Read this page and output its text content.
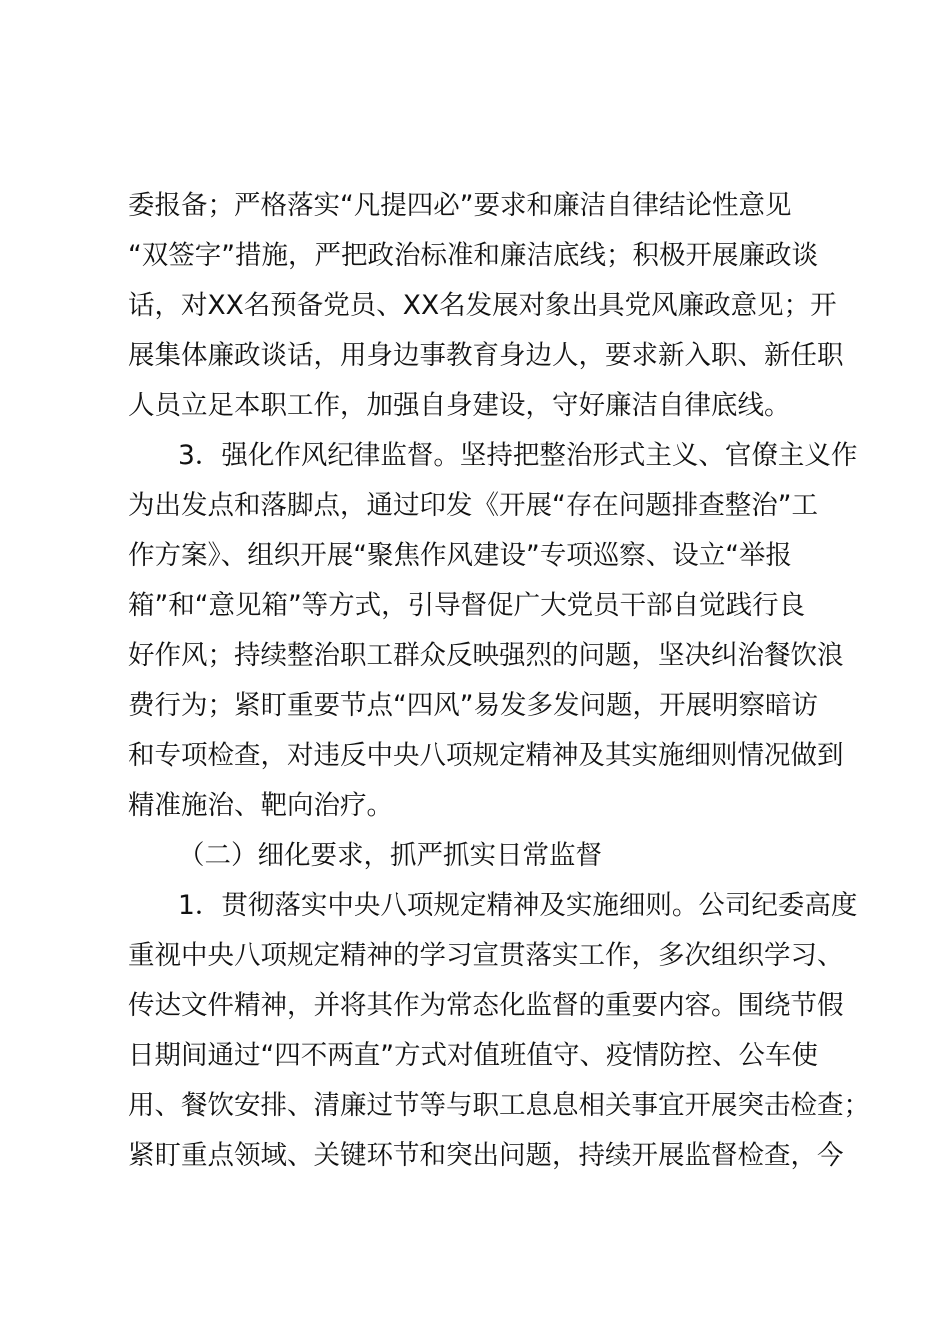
委报备；严格落实“凡提四必”要求和廉洁自律结论性意见
“双签字”措施，严把政治标准和廉洁底线；积极开展廉政谈
话，对XX名预备党员、XX名发展对象出具党风廉政意见；开
展集体廉政谈话，用身边事教育身边人，要求新入职、新任职
人员立足本职工作，加强自身建设，守好廉洁自律底线。
3．强化作风纪律监督。坚持把整治形式主义、官僚主义作
为出发点和落脚点，通过印发《开展“存在问题排查整治”工
作方案》、组织开展“聚焦作风建设”专项巡察、设立“举报
箱”和“意见箱”等方式，引导督促广大党员干部自觉践行良
好作风；持续整治职工群众反映强烈的问题，坚决纠治餐饮浪
费行为；紧盯重要节点“四风”易发多发问题，开展明察暗访
和专项检查，对违反中央八项规定精神及其实施细则情况做到
精准施治、靶向治疗。
（二）细化要求，抓严抓实日常监督
1．贯彻落实中央八项规定精神及实施细则。公司纪委高度
重视中央八项规定精神的学习宣贯落实工作，多次组织学习、
传达文件精神，并将其作为常态化监督的重要内容。围绕节假
日期间通过“四不两直”方式对值班值守、疫情防控、公车使
用、餐饮安排、清廉过节等与职工息息相关事宜开展突击检查；
紧盯重点领域、关键环节和突出问题，持续开展监督检查，今
